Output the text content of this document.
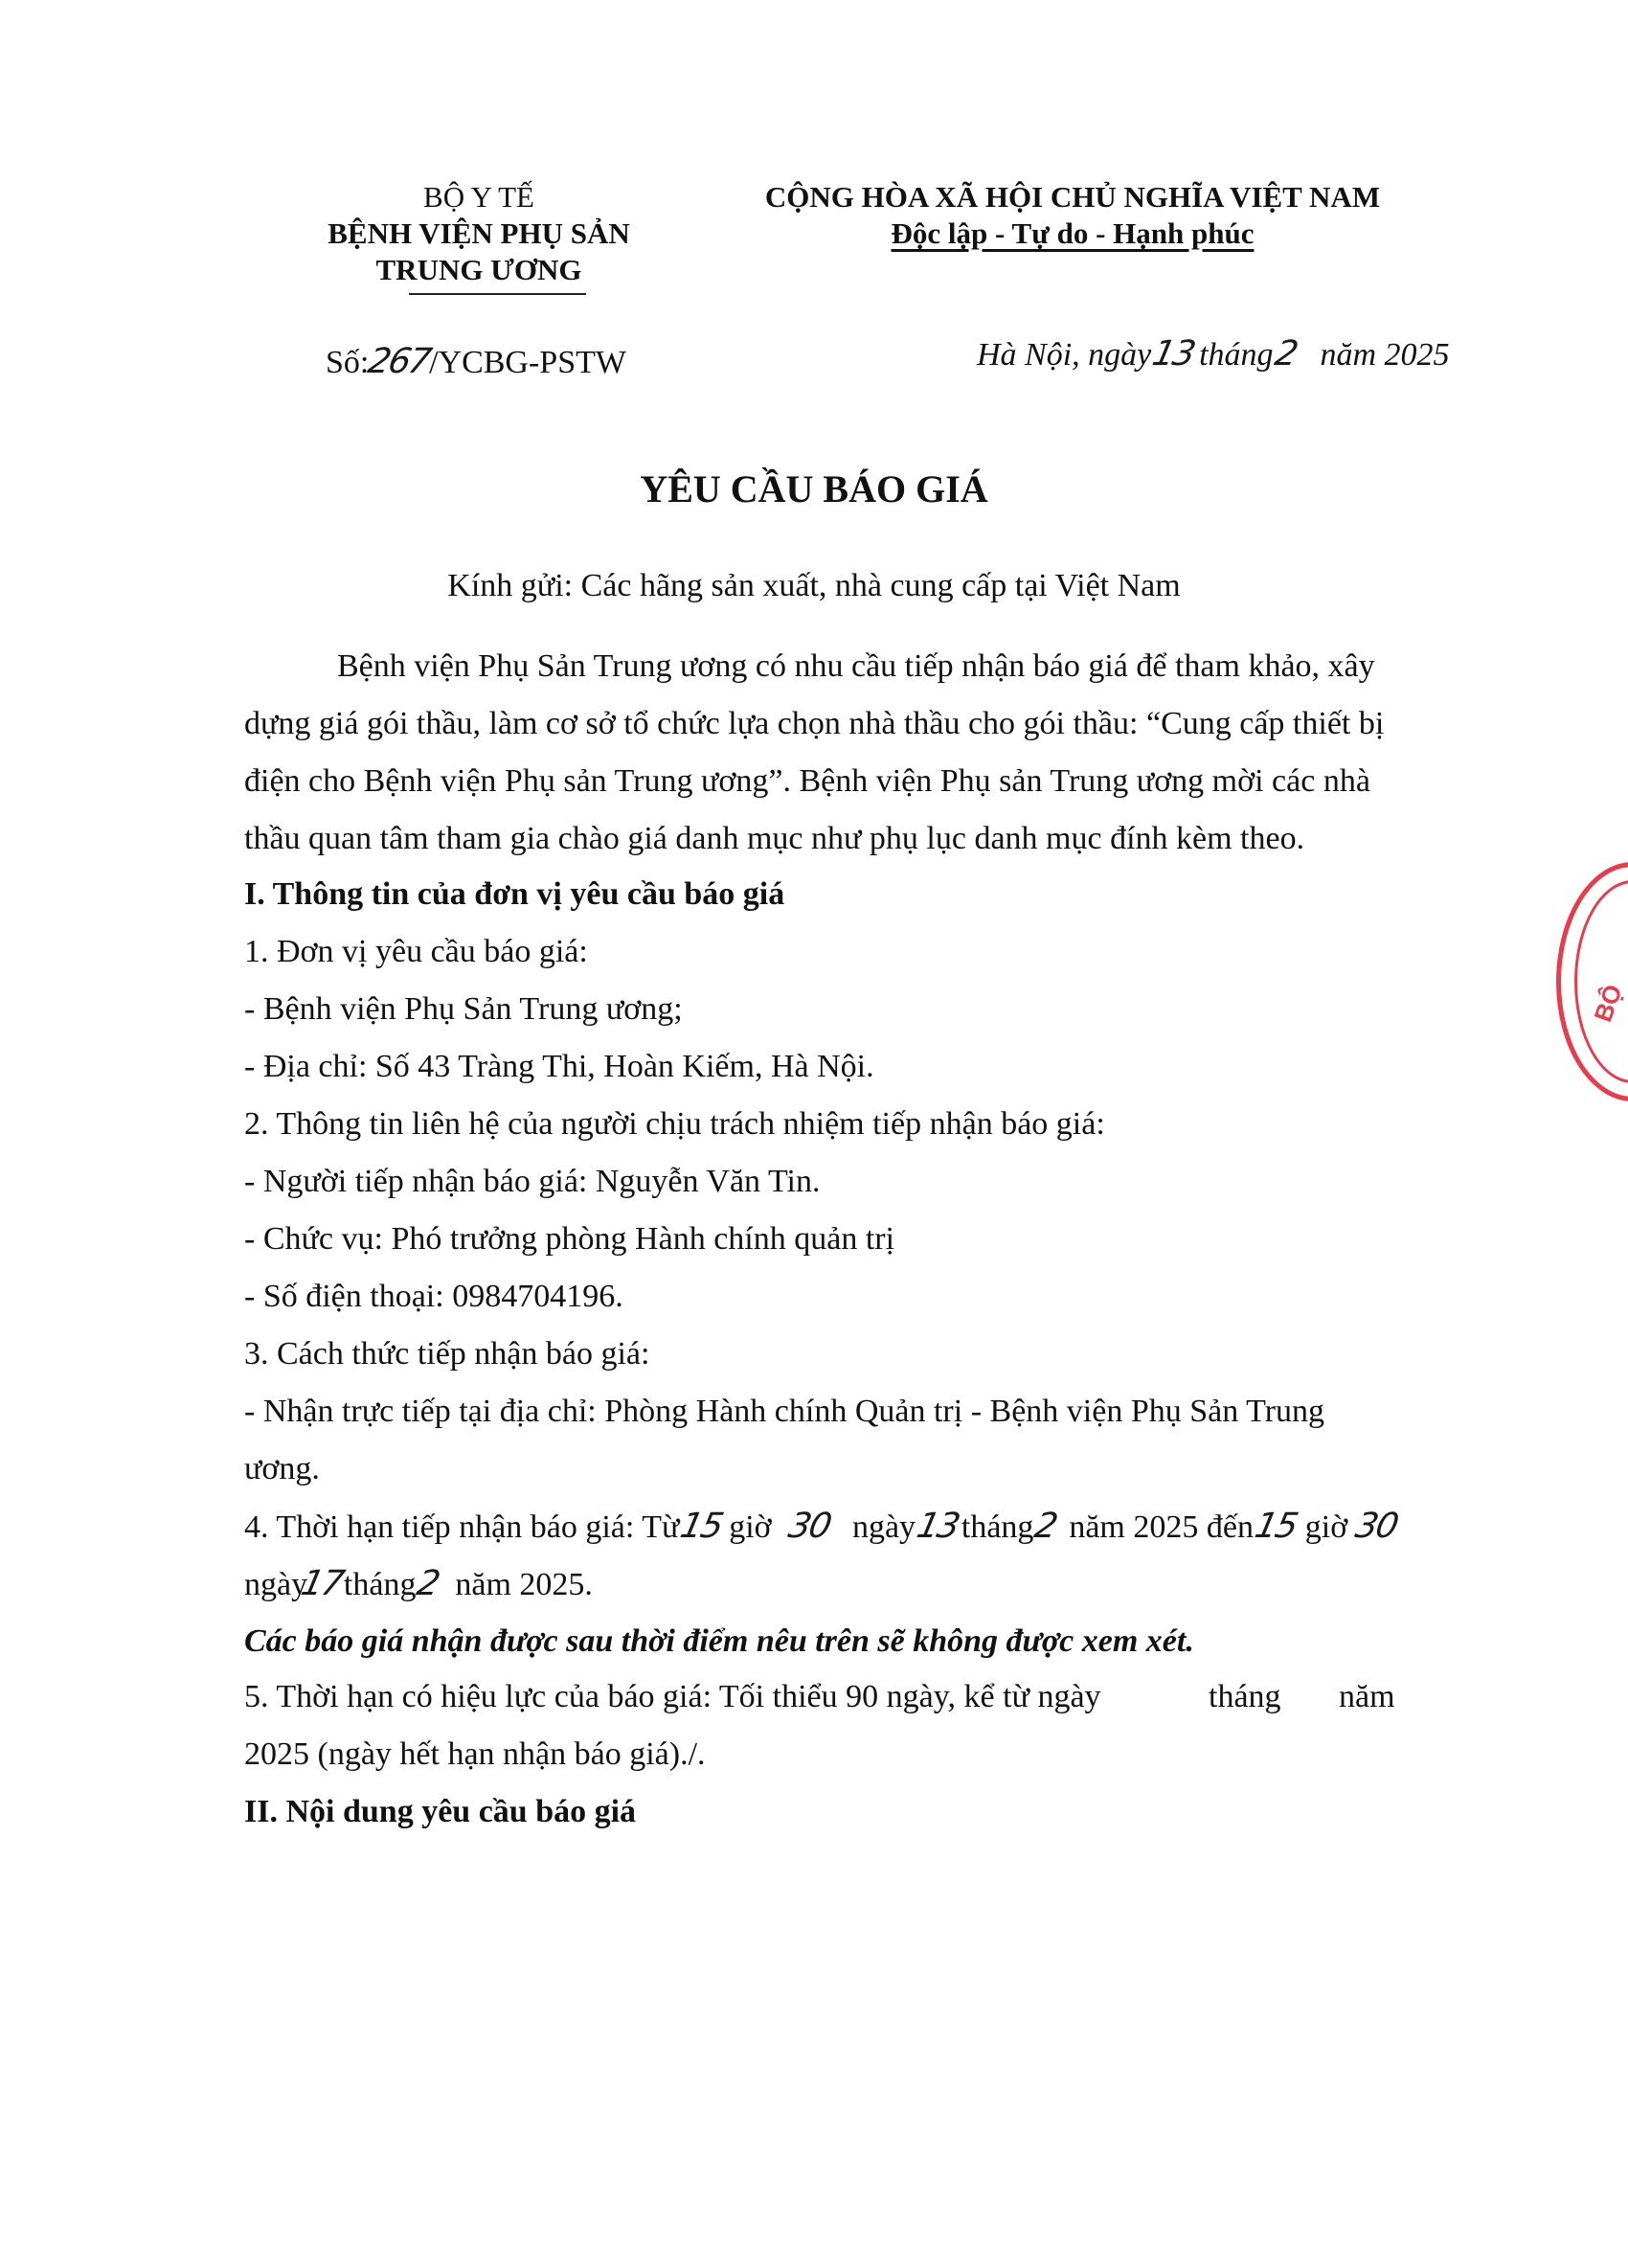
BỘ Y TẾ
BỆNH VIỆN PHỤ SẢN
TRUNG ƯƠNG
CỘNG HÒA XÃ HỘI CHỦ NGHĨA VIỆT NAM
Độc lập - Tự do - Hạnh phúc
Số:267/YCBG-PSTW	Hà Nội, ngày13tháng2 năm 2025
YÊU CẦU BÁO GIÁ
Kính gửi: Các hãng sản xuất, nhà cung cấp tại Việt Nam
Bệnh viện Phụ Sản Trung ương có nhu cầu tiếp nhận báo giá để tham khảo, xây
dựng giá gói thầu, làm cơ sở tổ chức lựa chọn nhà thầu cho gói thầu: “Cung cấp thiết bị
điện cho Bệnh viện Phụ sản Trung ương”. Bệnh viện Phụ sản Trung ương mời các nhà
thầu quan tâm tham gia chào giá danh mục như phụ lục danh mục đính kèm theo.
I. Thông tin của đơn vị yêu cầu báo giá
1. Đơn vị yêu cầu báo giá:
- Bệnh viện Phụ Sản Trung ương;
- Địa chỉ: Số 43 Tràng Thi, Hoàn Kiếm, Hà Nội.
2. Thông tin liên hệ của người chịu trách nhiệm tiếp nhận báo giá:
- Người tiếp nhận báo giá: Nguyễn Văn Tin.
- Chức vụ: Phó trưởng phòng Hành chính quản trị
- Số điện thoại: 0984704196.
3. Cách thức tiếp nhận báo giá:
- Nhận trực tiếp tại địa chỉ: Phòng Hành chính Quản trị - Bệnh viện Phụ Sản Trung
ương.
4. Thời hạn tiếp nhận báo giá: Từ15 giờ 30 ngày13tháng2 năm 2025 đến15 giờ 30
ngày17tháng2 năm 2025.
Các báo giá nhận được sau thời điểm nêu trên sẽ không được xem xét.
5. Thời hạn có hiệu lực của báo giá: Tối thiểu 90 ngày, kể từ ngày	tháng năm
2025 (ngày hết hạn nhận báo giá)./.
II. Nội dung yêu cầu báo giá
BỘ
